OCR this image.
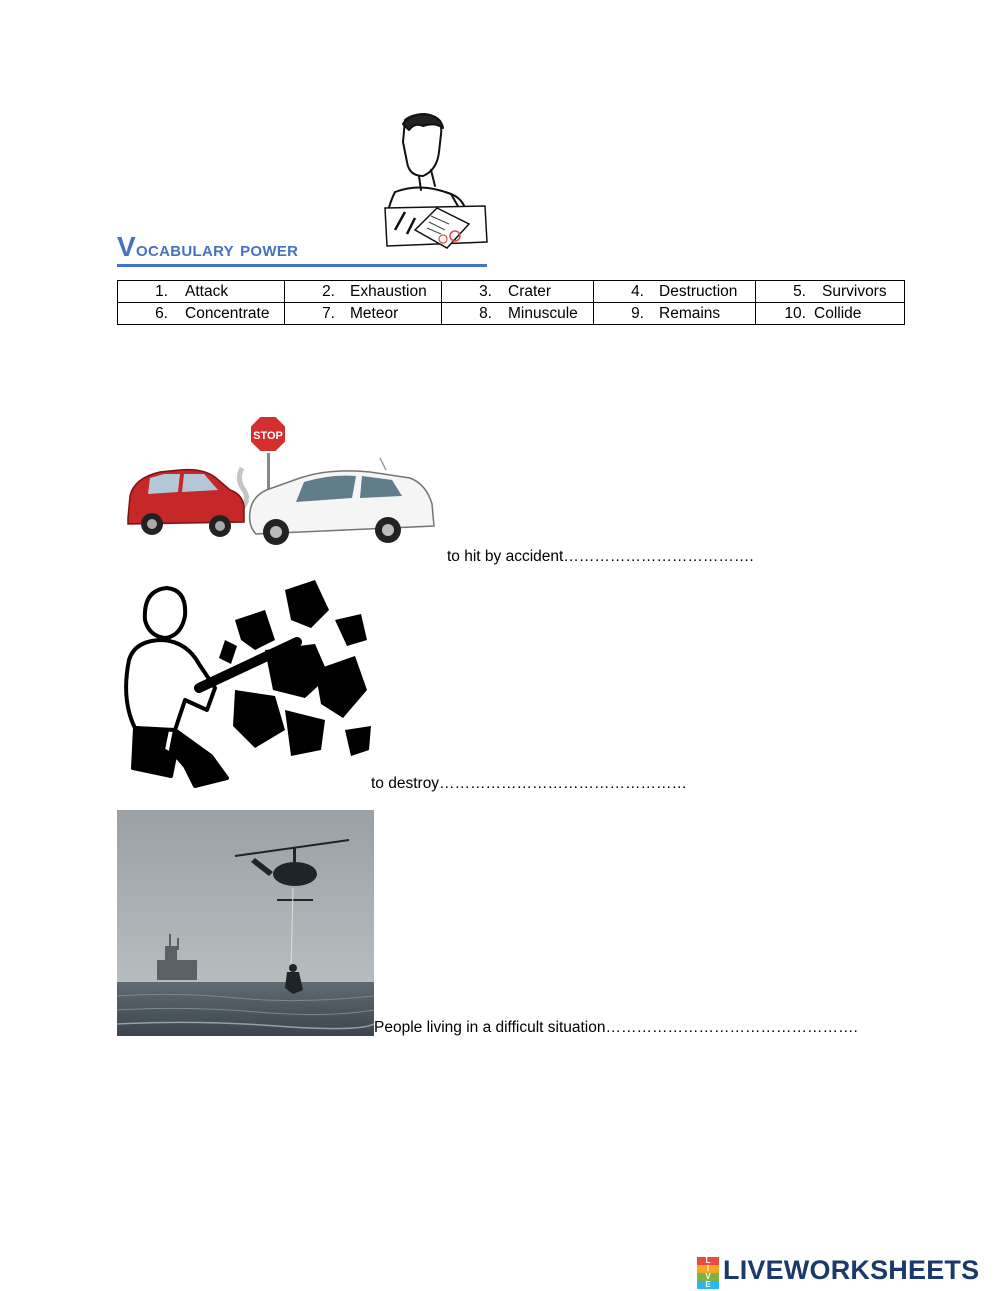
Vocabulary power
1. Attack	2. Exhaustion	3. Crater	4. Destruction	5. Survivors
6. Concentrate	7. Meteor	8. Minuscule	9. Remains	10. Collide
STOP
to hit by accident……………………………….
to destroy…………………………………………
People living in a difficult situation………………………………………….
L
I
V
E LIVEWORKSHEETS
